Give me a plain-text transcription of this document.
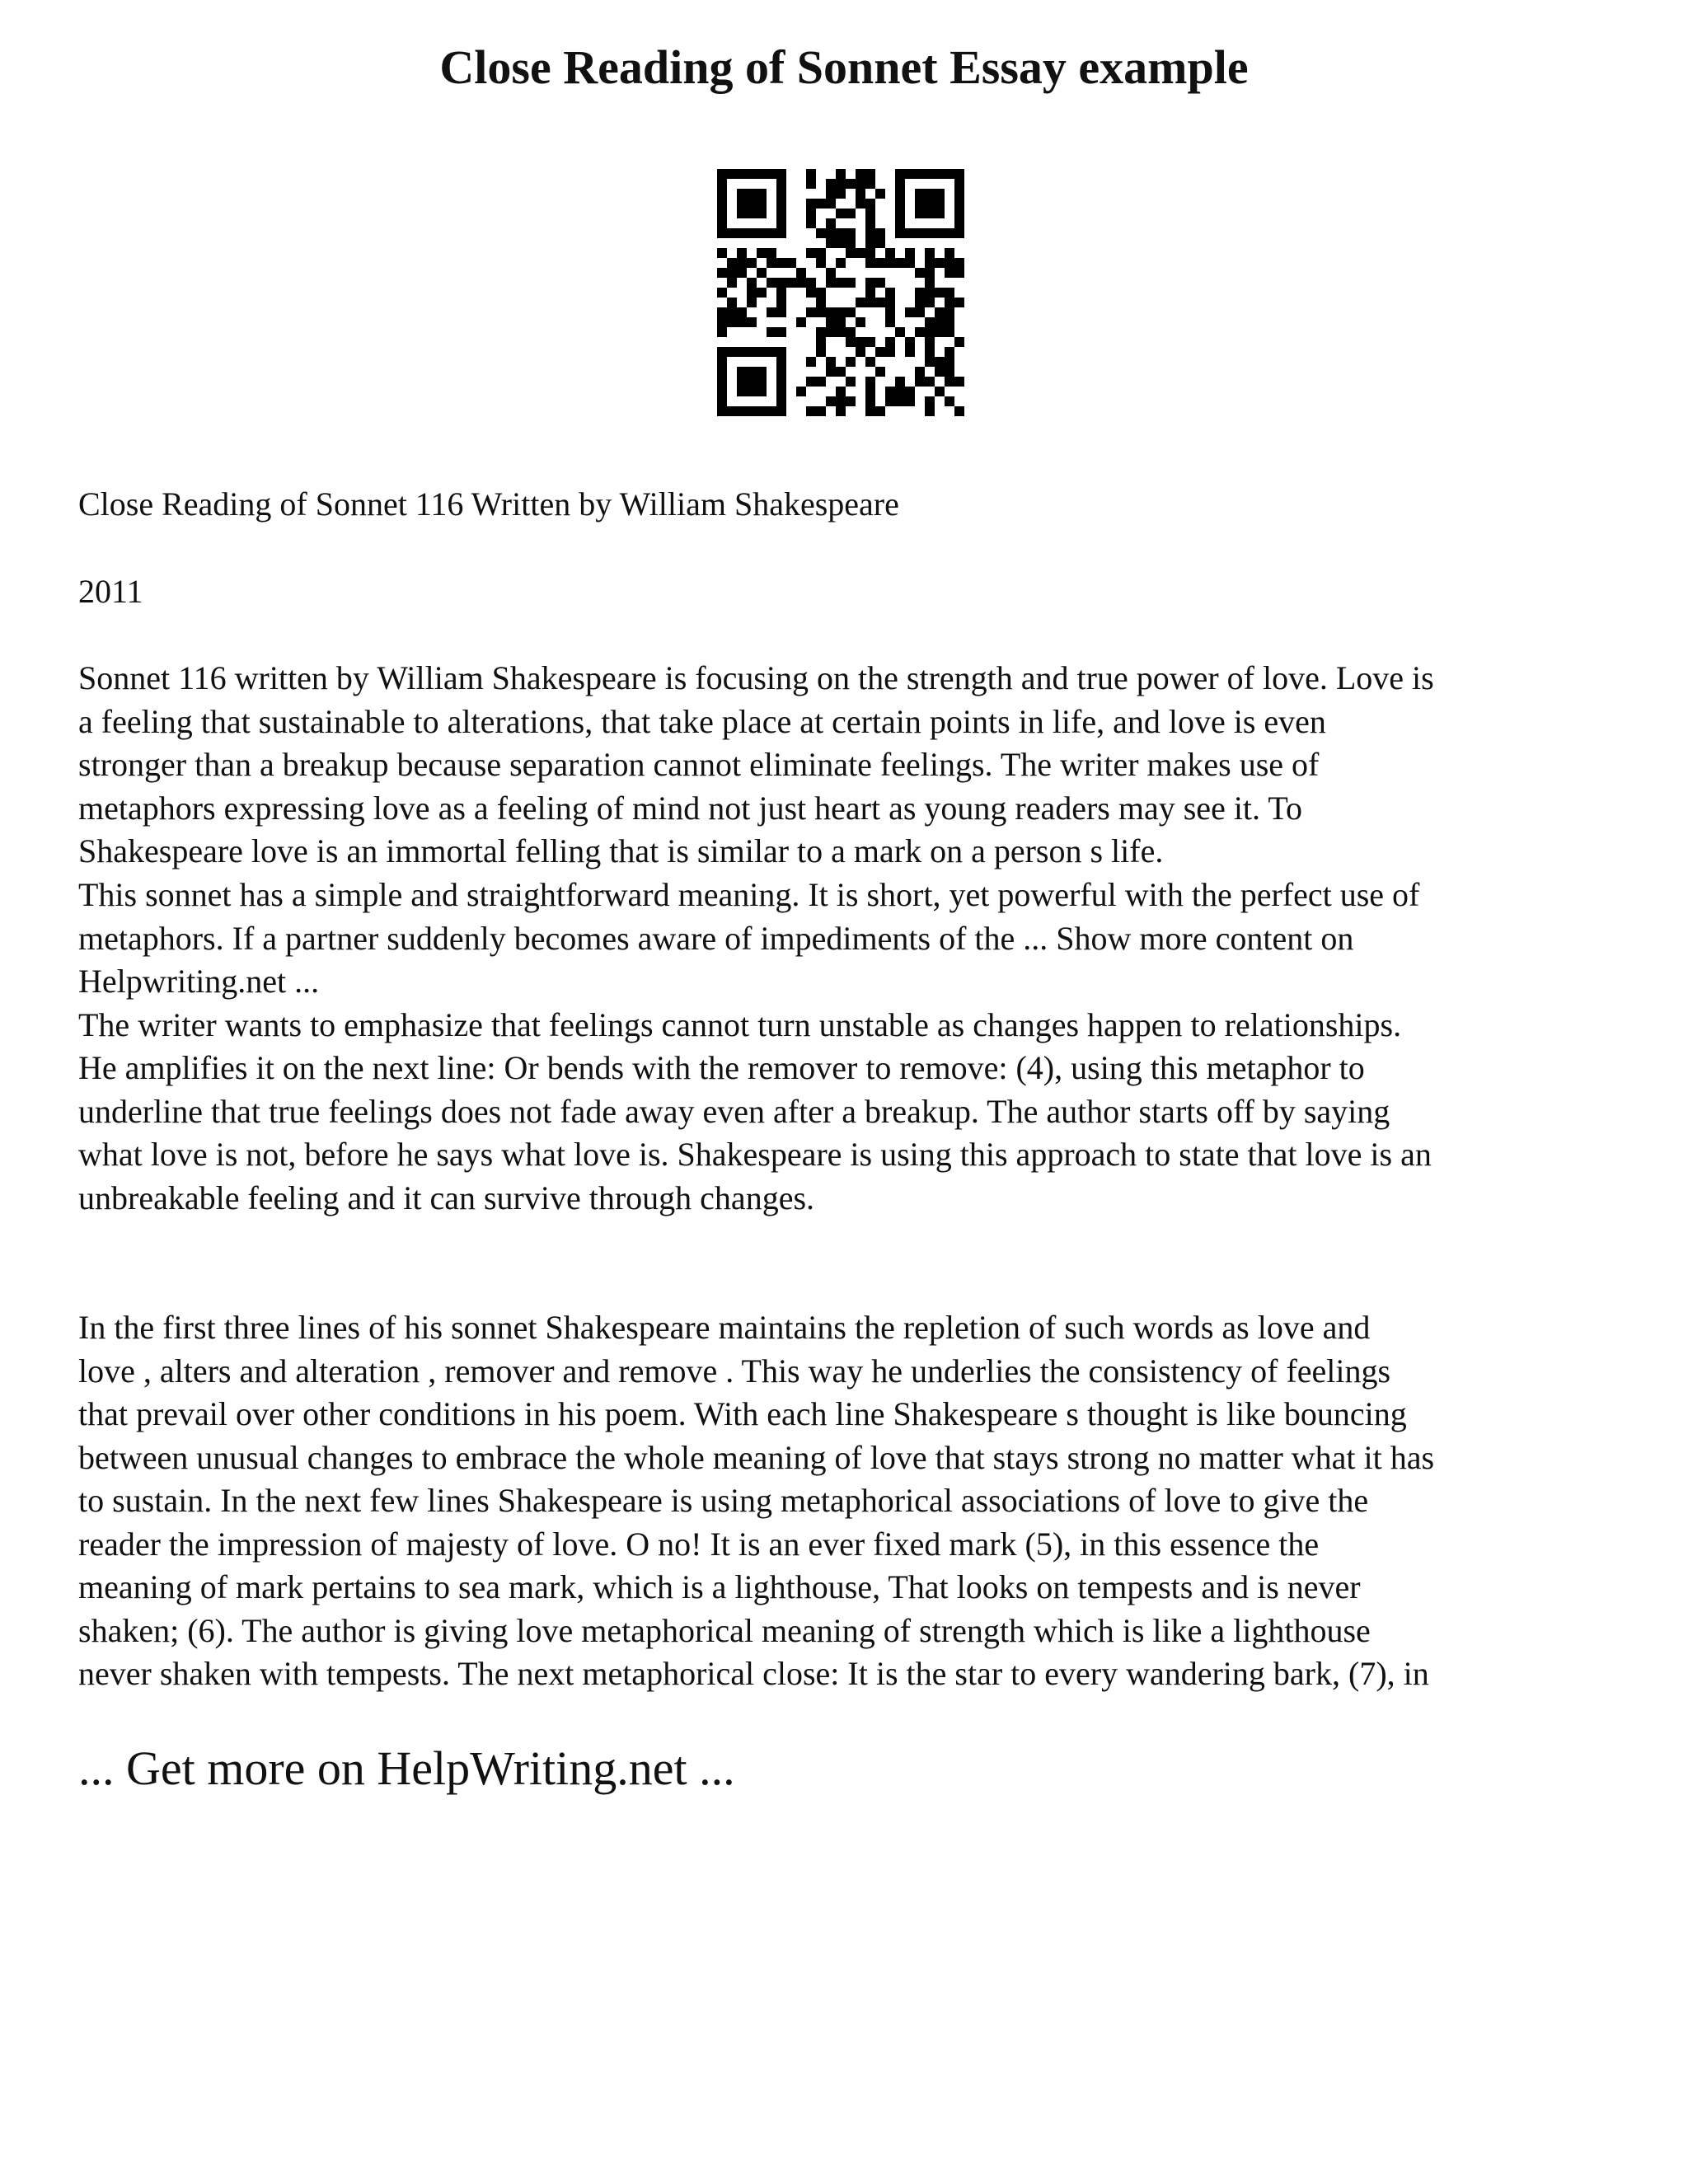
Close Reading of Sonnet Essay example

Close Reading of Sonnet 116 Written by William Shakespeare

2011

Sonnet 116 written by William Shakespeare is focusing on the strength and true power of love. Love is
a feeling that sustainable to alterations, that take place at certain points in life, and love is even
stronger than a breakup because separation cannot eliminate feelings. The writer makes use of
metaphors expressing love as a feeling of mind not just heart as young readers may see it. To
Shakespeare love is an immortal felling that is similar to a mark on a person s life.

This sonnet has a simple and straightforward meaning. It is short, yet powerful with the perfect use of
metaphors. If a partner suddenly becomes aware of impediments of the ... Show more content on
Helpwriting.net ...
The writer wants to emphasize that feelings cannot turn unstable as changes happen to relationships.
He amplifies it on the next line: Or bends with the remover to remove: (4), using this metaphor to
underline that true feelings does not fade away even after a breakup. The author starts off by saying
what love is not, before he says what love is. Shakespeare is using this approach to state that love is an
unbreakable feeling and it can survive through changes.

In the first three lines of his sonnet Shakespeare maintains the repletion of such words as love and
love , alters and alteration , remover and remove . This way he underlies the consistency of feelings
that prevail over other conditions in his poem. With each line Shakespeare s thought is like bouncing
between unusual changes to embrace the whole meaning of love that stays strong no matter what it has
to sustain. In the next few lines Shakespeare is using metaphorical associations of love to give the
reader the impression of majesty of love. O no! It is an ever fixed mark (5), in this essence the
meaning of mark pertains to sea mark, which is a lighthouse, That looks on tempests and is never
shaken; (6). The author is giving love metaphorical meaning of strength which is like a lighthouse
never shaken with tempests. The next metaphorical close: It is the star to every wandering bark, (7), in

... Get more on HelpWriting.net ...
